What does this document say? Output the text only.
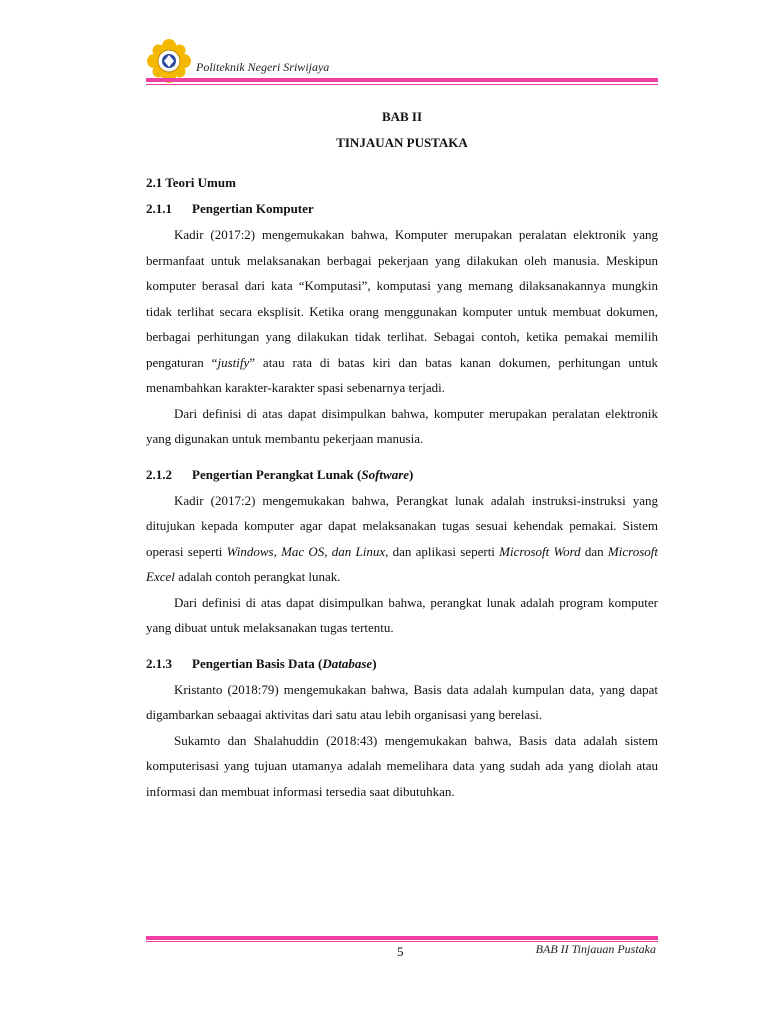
Politeknik Negeri Sriwijaya
BAB II
TINJAUAN PUSTAKA
2.1 Teori Umum
2.1.1	Pengertian Komputer

Kadir (2017:2) mengemukakan bahwa, Komputer merupakan peralatan elektronik yang bermanfaat untuk melaksanakan berbagai pekerjaan yang dilakukan oleh manusia. Meskipun komputer berasal dari kata “Komputasi”, komputasi yang memang dilaksanakannya mungkin tidak terlihat secara eksplisit. Ketika orang menggunakan komputer untuk membuat dokumen, berbagai perhitungan yang dilakukan tidak terlihat. Sebagai contoh, ketika pemakai memilih pengaturan “justify” atau rata di batas kiri dan batas kanan dokumen, perhitungan untuk menambahkan karakter-karakter spasi sebenarnya terjadi.

Dari definisi di atas dapat disimpulkan bahwa, komputer merupakan peralatan elektronik yang digunakan untuk membantu pekerjaan manusia.

2.1.2	Pengertian Perangkat Lunak (Software)

Kadir (2017:2) mengemukakan bahwa, Perangkat lunak adalah instruksi-instruksi yang ditujukan kepada komputer agar dapat melaksanakan tugas sesuai kehendak pemakai. Sistem operasi seperti Windows, Mac OS, dan Linux, dan aplikasi seperti Microsoft Word dan Microsoft Excel adalah contoh perangkat lunak.

Dari definisi di atas dapat disimpulkan bahwa, perangkat lunak adalah program komputer yang dibuat untuk melaksanakan tugas tertentu.

2.1.3	Pengertian Basis Data (Database)

Kristanto (2018:79) mengemukakan bahwa, Basis data adalah kumpulan data, yang dapat digambarkan sebaagai aktivitas dari satu atau lebih organisasi yang berelasi.

Sukamto dan Shalahuddin (2018:43) mengemukakan bahwa, Basis data adalah sistem komputerisasi yang tujuan utamanya adalah memelihara data yang sudah ada yang diolah atau informasi dan membuat informasi tersedia saat dibutuhkan.

5	BAB II Tinjauan Pustaka
